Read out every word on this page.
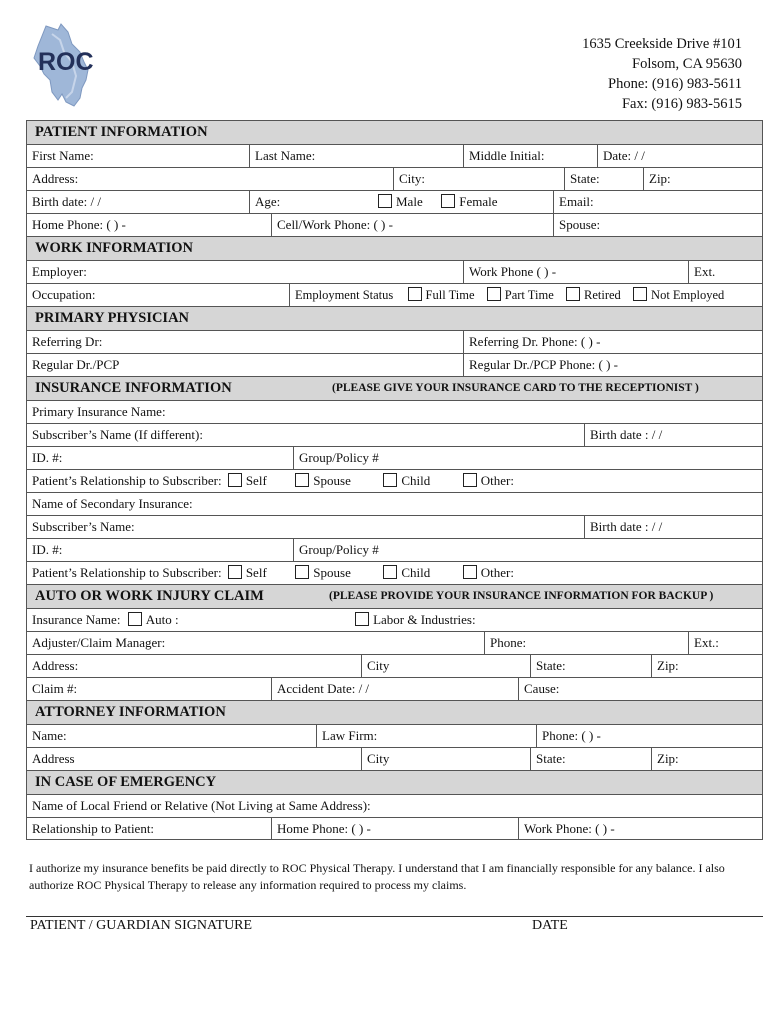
ROC
1635 Creekside Drive #101
Folsom, CA 95630
Phone: (916) 983-5611
Fax: (916) 983-5615
PATIENT INFORMATION
First Name:	Last Name:	Middle Initial:	Date: / /
Address:	City:	State:	Zip:
Birth date: / /	Age:	Male	Female	Email:
Home Phone: ( ) -	Cell/Work Phone: ( ) -	Spouse:
WORK INFORMATION
Employer:	Work Phone ( ) -	Ext.
Occupation:	Employment Status	Full Time Part Time Retired Not Employed
PRIMARY PHYSICIAN
Referring Dr:	Referring Dr. Phone: ( ) -
Regular Dr./PCP	Regular Dr./PCP Phone: ( ) -
INSURANCE INFORMATION	(PLEASE GIVE YOUR INSURANCE CARD TO THE RECEPTIONIST )
Primary Insurance Name:
Subscriber’s Name (If different):	Birth date : / /
ID. #:	Group/Policy #
Patient’s Relationship to Subscriber: Self	Spouse	Child	Other:
Name of Secondary Insurance:
Subscriber’s Name:	Birth date : / /
ID. #:	Group/Policy #
Patient’s Relationship to Subscriber: Self	Spouse	Child	Other:
AUTO OR WORK INJURY CLAIM	(PLEASE PROVIDE YOUR INSURANCE INFORMATION FOR BACKUP )
Insurance Name: Auto :	Labor & Industries:
Adjuster/Claim Manager:	Phone:	Ext.:
Address:	City	State:	Zip:
Claim #:	Accident Date: / /	Cause:
ATTORNEY INFORMATION
Name:	Law Firm:	Phone: ( ) -
Address	City	State:	Zip:
IN CASE OF EMERGENCY
Name of Local Friend or Relative (Not Living at Same Address):
Relationship to Patient:	Home Phone: ( ) -	Work Phone: ( ) -
I authorize my insurance benefits be paid directly to ROC Physical Therapy. I understand that I am financially responsible for any balance. I also authorize ROC Physical Therapy to release any information required to process my claims.
PATIENT / GUARDIAN SIGNATURE	DATE
